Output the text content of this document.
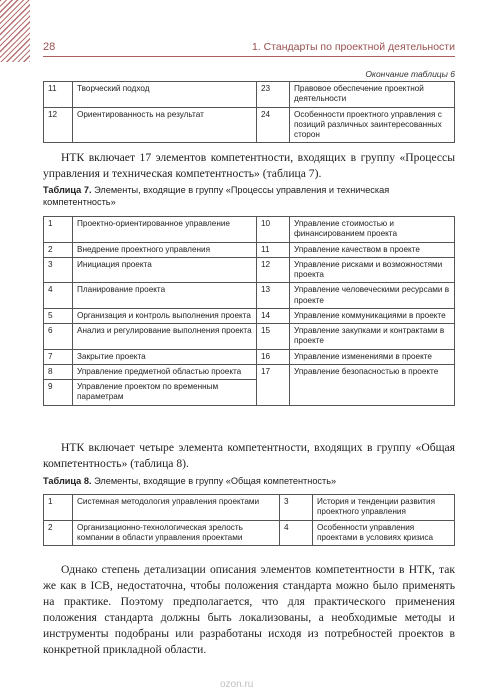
28	1. Стандарты по проектной деятельности
Окончание таблицы 6
11	Творческий подход	23	Правовое обеспечение проектной деятельности
12	Ориентированность на результат	24	Особенности проектного управления с позиций различных заинтересованных сторон
НТК включает 17 элементов компетентности, входящих в группу «Процессы управления и техническая компетентность» (таблица 7).
Таблица 7. Элементы, входящие в группу «Процессы управления и техническая компетентность»
1	Проектно-ориентированное управление	10	Управление стоимостью и финансированием проекта
2	Внедрение проектного управления	11	Управление качеством в проекте
3	Инициация проекта	12	Управление рисками и возможностями проекта
4	Планирование проекта	13	Управление человеческими ресурсами в проекте
5	Организация и контроль выполнения проекта	14	Управление коммуникациями в проекте
6	Анализ и регулирование выполнения проекта	15	Управление закупками и контрактами в проекте
7	Закрытие проекта	16	Управление изменениями в проекте
8	Управление предметной областью проекта	17	Управление безопасностью в проекте
9	Управление проектом по временным параметрам		
НТК включает четыре элемента компетентности, входящих в группу «Общая компетентность» (таблица 8).
Таблица 8. Элементы, входящие в группу «Общая компетентность»
1	Системная методология управления проектами	3	История и тенденции развития проектного управления
2	Организационно-технологическая зрелость компании в области управления проектами	4	Особенности управления проектами в условиях кризиса
Однако степень детализации описания элементов компетентности в НТК, так же как в ICB, недостаточна, чтобы положения стандарта можно было применять на практике. Поэтому предполагается, что для практического применения положения стандарта должны быть локализованы, а необходимые методы и инструменты подобраны или разработаны исходя из потребностей проектов в конкретной прикладной области.
ozon.ru
